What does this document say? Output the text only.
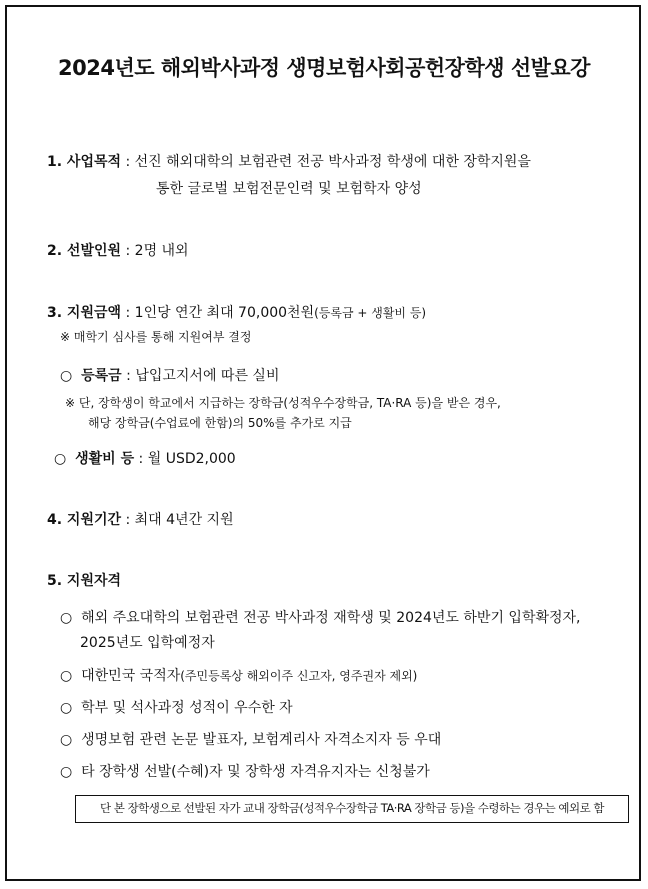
2024년도 해외박사과정 생명보험사회공헌장학생 선발요강
1. 사업목적 : 선진 해외대학의 보험관련 전공 박사과정 학생에 대한 장학지원을
통한 글로벌 보험전문인력 및 보험학자 양성
2. 선발인원 : 2명 내외
3. 지원금액 : 1인당 연간 최대 70,000천원(등록금 + 생활비 등)
※ 매학기 심사를 통해 지원여부 결정
○ 등록금 : 납입고지서에 따른 실비
※ 단, 장학생이 학교에서 지급하는 장학금(성적우수장학금, TA·RA 등)을 받은 경우,
해당 장학금(수업료에 한함)의 50%를 추가로 지급
○ 생활비 등 : 월 USD2,000
4. 지원기간 : 최대 4년간 지원
5. 지원자격
○ 해외 주요대학의 보험관련 전공 박사과정 재학생 및 2024년도 하반기 입학확정자,
2025년도 입학예정자
○ 대한민국 국적자(주민등록상 해외이주 신고자, 영주권자 제외)
○ 학부 및 석사과정 성적이 우수한 자
○ 생명보험 관련 논문 발표자, 보험계리사 자격소지자 등 우대
○ 타 장학생 선발(수혜)자 및 장학생 자격유지자는 신청불가
단 본 장학생으로 선발된 자가 교내 장학금(성적우수장학금 TA·RA 장학금 등)을 수령하는 경우는 예외로 함
